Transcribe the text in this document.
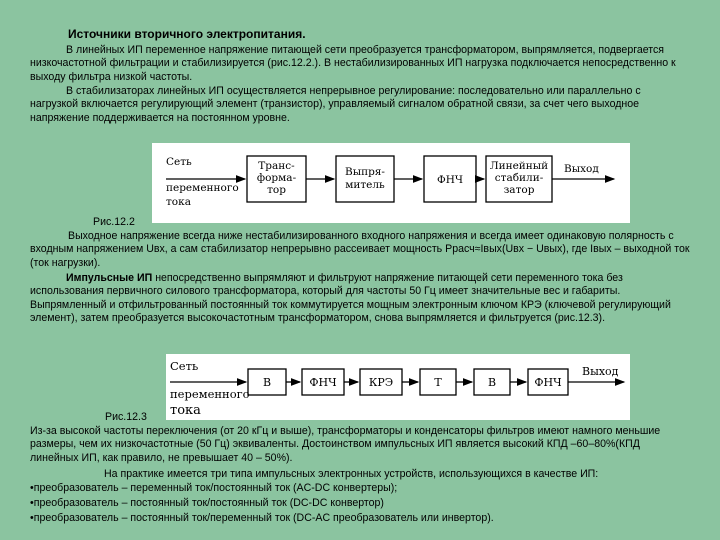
Источники вторичного электропитания.

В линейных ИП переменное напряжение питающей сети преобразуется трансформатором, выпрямляется, подвергается низкочастотной фильтрации и стабилизируется (рис.12.2.). В нестабилизированных ИП нагрузка подключается непосредственно к выходу фильтра низкой частоты.

В стабилизаторах линейных ИП осуществляется непрерывное регулирование: последовательно или параллельно с нагрузкой включается регулирующий элемент (транзистор), управляемый сигналом обратной связи, за счет чего выходное напряжение поддерживается на постоянном уровне.

Сеть
переменного
тока
Транс-
форма-
тор
Выпря-
митель	ФНЧ
Линейный
стабили-
затор
Выход
Рис.12.2

Выходное напряжение всегда ниже нестабилизированного входного напряжения и всегда имеет одинаковую полярность с входным напряжением Uвх, а сам стабилизатор непрерывно рассеивает мощность Pрасч≈Iвых(Uвх − Uвых), где Iвых – выходной ток (ток нагрузки).

Импульсные ИП непосредственно выпрямляют и фильтруют напряжение питающей сети переменного тока без использования первичного силового трансформатора, который для частоты 50 Гц имеет значительные вес и габариты. Выпрямленный и отфильтрованный постоянный ток коммутируется мощным электронным ключом КРЭ (ключевой регулирующий элемент), затем преобразуется высокочастотным трансформатором, снова выпрямляется и фильтруется (рис.12.3).

Сеть
переменного
тока
В	ФНЧ	КРЭ	Т	В	ФНЧ
Выход
Рис.12.3

Из-за высокой частоты переключения (от 20 кГц и выше), трансформаторы и конденсаторы фильтров имеют намного меньшие размеры, чем их низкочастотные (50 Гц) эквиваленты. Достоинством импульсных ИП является высокий КПД –60–80%(КПД линейных ИП, как правило, не превышает 40 – 50%).

На практике имеется три типа импульсных электронных устройств, использующихся в качестве ИП:

•преобразователь – переменный ток/постоянный ток (AC-DC конвертеры);
•преобразователь – постоянный ток/постоянный ток (DC-DC конвертор)
•преобразователь – постоянный ток/переменный ток (DC-AC преобразователь или инвертор).
